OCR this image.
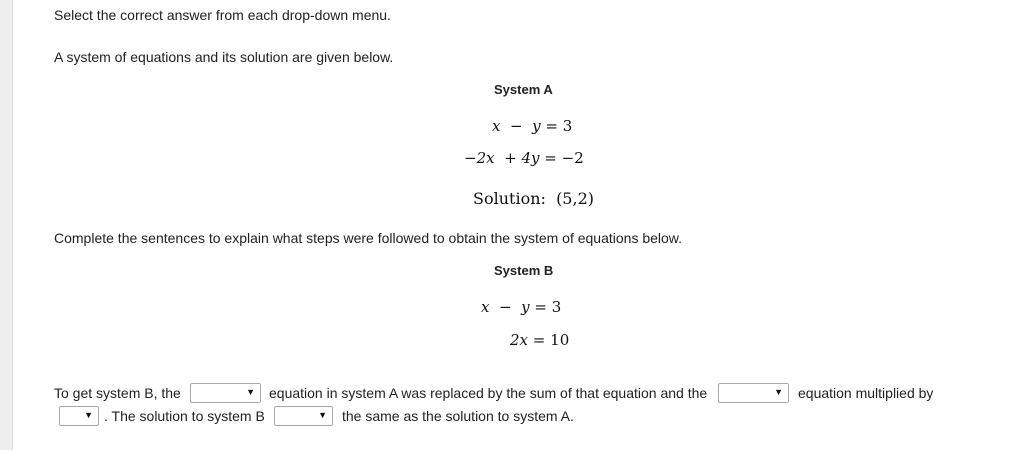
Select the correct answer from each drop-down menu.
A system of equations and its solution are given below.
System A
x − y = 3
−2x + 4y = −2
Solution: (5,2)
Complete the sentences to explain what steps were followed to obtain the system of equations below.
System B
x − y = 3
2x = 10
To get system B, the	▼ equation in system A was replaced by the sum of that equation and the	▼ equation multiplied by
▼ . The solution to system B	▼ the same as the solution to system A.
